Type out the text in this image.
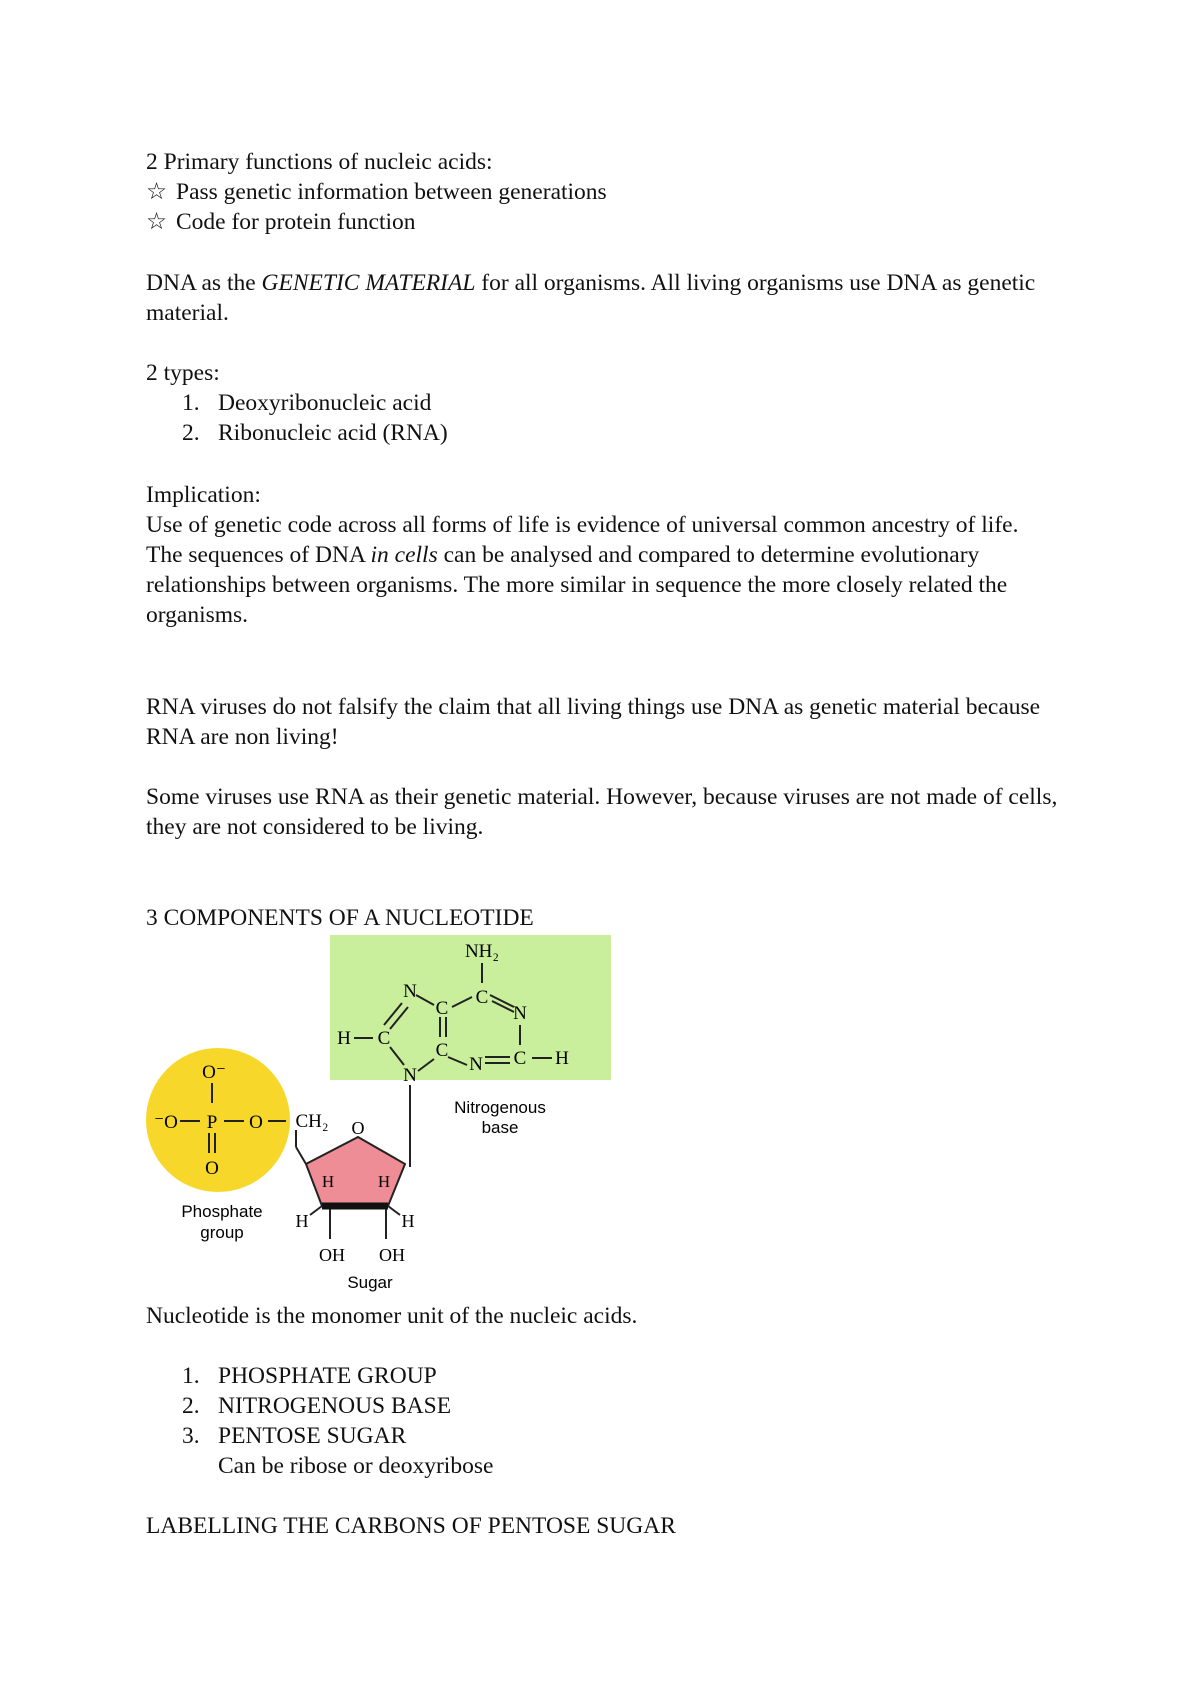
2 Primary functions of nucleic acids:
☆ Pass genetic information between generations
☆ Code for protein function
DNA as the GENETIC MATERIAL for all organisms. All living organisms use DNA as genetic material.
2 types:
1. Deoxyribonucleic acid
2. Ribonucleic acid (RNA)
Implication:
Use of genetic code across all forms of life is evidence of universal common ancestry of life.
The sequences of DNA in cells can be analysed and compared to determine evolutionary relationships between organisms. The more similar in sequence the more closely related the organisms.
RNA viruses do not falsify the claim that all living things use DNA as genetic material because RNA are non living!
Some viruses use RNA as their genetic material. However, because viruses are not made of cells, they are not considered to be living.
3 COMPONENTS OF A NUCLEOTIDE
NH₂
C
N
C H
N
C
C
N
C
H
N
Nitrogenous
base
O⁻
⁻O P O
O
Phosphate
group
CH₂ O
H	H
H	H
OH OH
Sugar
Nucleotide is the monomer unit of the nucleic acids.
1. PHOSPHATE GROUP
2. NITROGENOUS BASE
3. PENTOSE SUGAR
Can be ribose or deoxyribose
LABELLING THE CARBONS OF PENTOSE SUGAR
